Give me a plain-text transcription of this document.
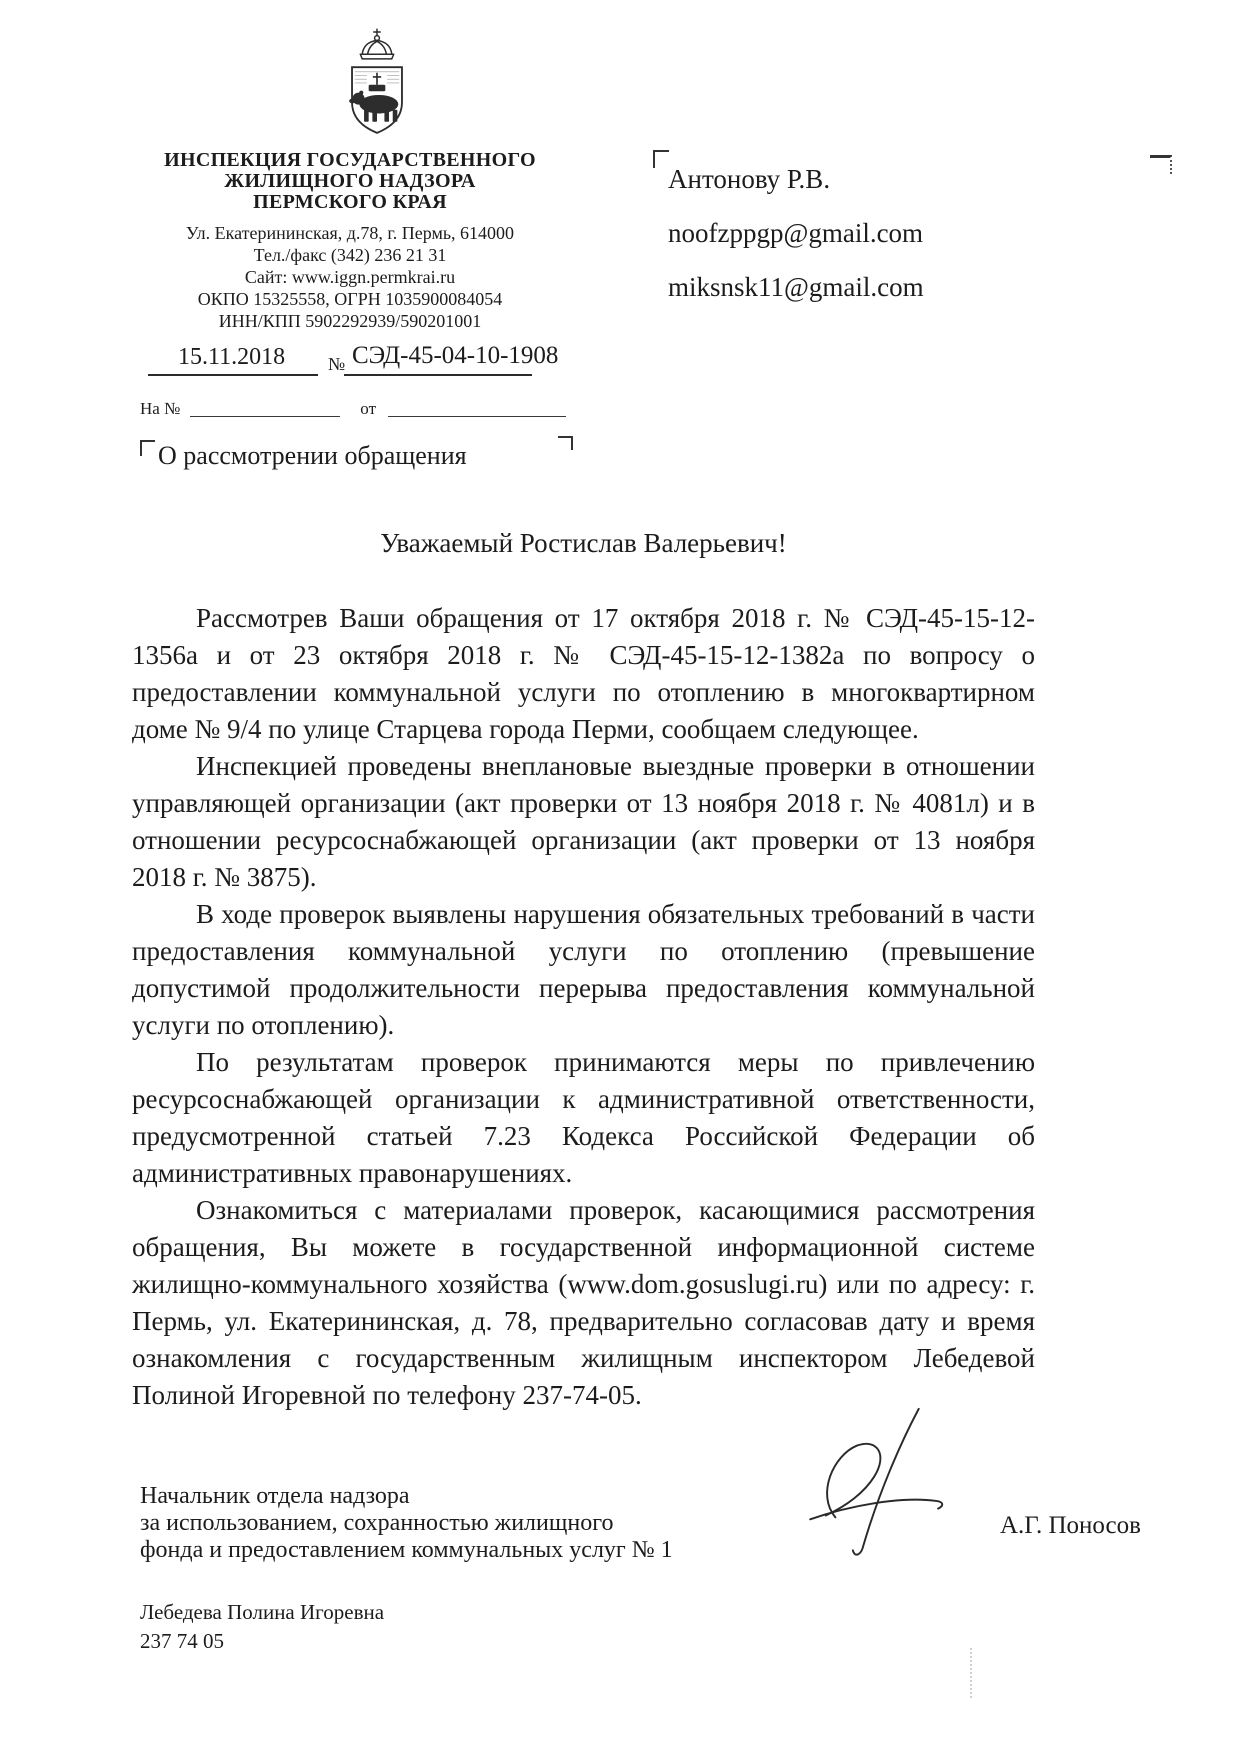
ИНСПЕКЦИЯ ГОСУДАРСТВЕННОГО
ЖИЛИЩНОГО НАДЗОРА
ПЕРМСКОГО КРАЯ
Ул. Екатерининская, д.78, г. Пермь, 614000
Тел./факс (342) 236 21 31
Сайт: www.iggn.permkrai.ru
ОКПО 15325558, ОГРН 1035900084054
ИНН/КПП 5902292939/590201001
15.11.2018 № СЭД-45-04-10-1908
На №	от
О рассмотрении обращения
Антонову Р.В.
noofzppgp@gmail.com
miksnsk11@gmail.com
Уважаемый Ростислав Валерьевич!

Рассмотрев Ваши обращения от 17 октября 2018 г. № СЭД-45-15-12-1356а и от 23 октября 2018 г. № СЭД-45-15-12-1382а по вопросу о предоставлении коммунальной услуги по отоплению в многоквартирном доме № 9/4 по улице Старцева города Перми, сообщаем следующее.

Инспекцией проведены внеплановые выездные проверки в отношении управляющей организации (акт проверки от 13 ноября 2018 г. № 4081л) и в отношении ресурсоснабжающей организации (акт проверки от 13 ноября 2018 г. № 3875).

В ходе проверок выявлены нарушения обязательных требований в части предоставления коммунальной услуги по отоплению (превышение допустимой продолжительности перерыва предоставления коммунальной услуги по отоплению).

По результатам проверок принимаются меры по привлечению ресурсоснабжающей организации к административной ответственности, предусмотренной статьей 7.23 Кодекса Российской Федерации об административных правонарушениях.

Ознакомиться с материалами проверок, касающимися рассмотрения обращения, Вы можете в государственной информационной системе жилищно-коммунального хозяйства (www.dom.gosuslugi.ru) или по адресу: г. Пермь, ул. Екатерининская, д. 78, предварительно согласовав дату и время ознакомления с государственным жилищным инспектором Лебедевой Полиной Игоревной по телефону 237-74-05.

Начальник отдела надзора
за использованием, сохранностью жилищного
фонда и предоставлением коммунальных услуг № 1
А.Г. Поносов
Лебедева Полина Игоревна
237 74 05
